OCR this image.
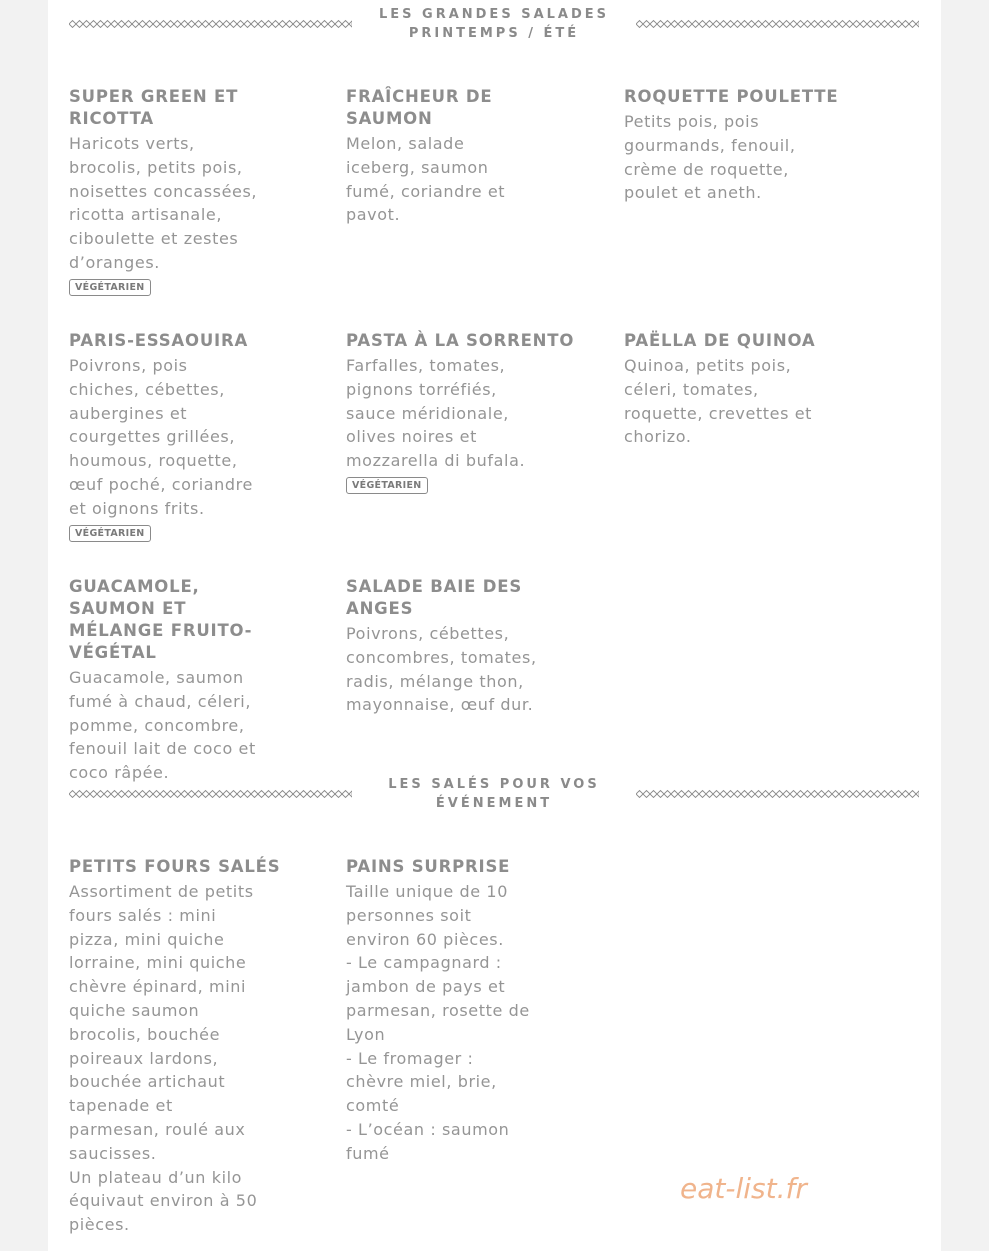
LES GRANDES SALADES
PRINTEMPS / ÉTÉ
SUPER GREEN ET RICOTTA
Haricots verts,
brocolis, petits pois,
noisettes concassées,
ricotta artisanale,
ciboulette et zestes
d’oranges.
VÉGÉTARIEN
FRAÎCHEUR DE SAUMON
Melon, salade
iceberg, saumon
fumé, coriandre et
pavot.
ROQUETTE POULETTE
Petits pois, pois
gourmands, fenouil,
crème de roquette,
poulet et aneth.
PARIS-ESSAOUIRA
Poivrons, pois
chiches, cébettes,
aubergines et
courgettes grillées,
houmous, roquette,
œuf poché, coriandre
et oignons frits.
VÉGÉTARIEN
PASTA À LA SORRENTO
Farfalles, tomates,
pignons torréfiés,
sauce méridionale,
olives noires et
mozzarella di bufala.
VÉGÉTARIEN
PAËLLA DE QUINOA
Quinoa, petits pois,
céleri, tomates,
roquette, crevettes et
chorizo.
GUACAMOLE, SAUMON ET MÉLANGE FRUITO-VÉGÉTAL
Guacamole, saumon
fumé à chaud, céleri,
pomme, concombre,
fenouil lait de coco et
coco râpée.
SALADE BAIE DES ANGES
Poivrons, cébettes,
concombres, tomates,
radis, mélange thon,
mayonnaise, œuf dur.
LES SALÉS POUR VOS
ÉVÉNEMENT
PETITS FOURS SALÉS
Assortiment de petits
fours salés : mini
pizza, mini quiche
lorraine, mini quiche
chèvre épinard, mini
quiche saumon
brocolis, bouchée
poireaux lardons,
bouchée artichaut
tapenade et
parmesan, roulé aux
saucisses.
Un plateau d’un kilo
équivaut environ à 50
pièces.
PAINS SURPRISE
Taille unique de 10
personnes soit
environ 60 pièces.
- Le campagnard :
jambon de pays et
parmesan, rosette de
Lyon
- Le fromager :
chèvre miel, brie,
comté
- L’océan : saumon
fumé
eat-list.fr
